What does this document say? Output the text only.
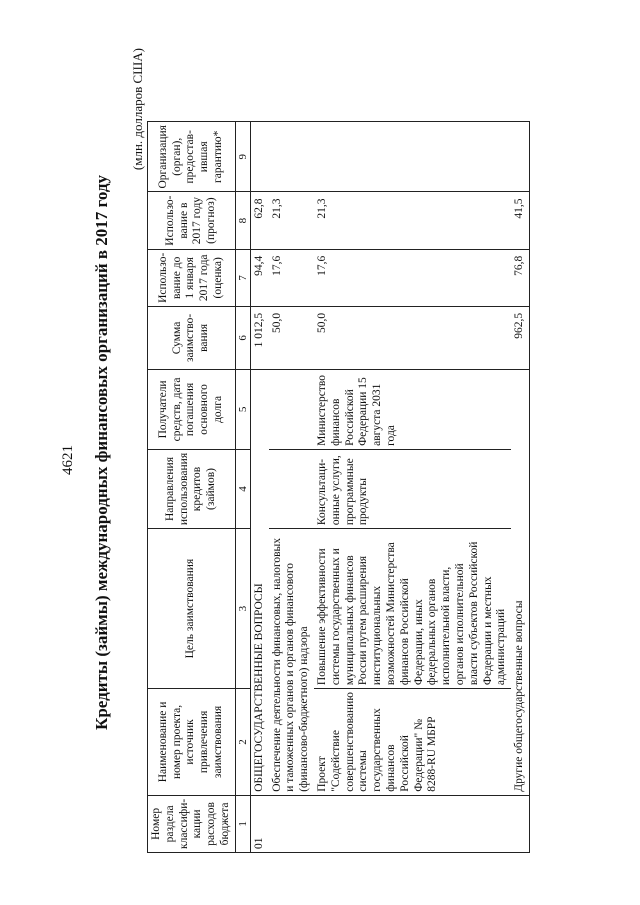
4621 Кредиты (займы) международных финансовых организаций в 2017 году
(млн. долларов США)
Номер раздела классифи-кации расходов бюджета	Наименование и номер проекта, источник привлечения заимствования	Цель заимствования	Направления использования кредитов (займов)	Получатели средств, дата погашения основного долга	Сумма заимство-вания	Использо-вание до 1 января 2017 года (оценка)	Использо-вание в 2017 году (прогноз)	Организация (орган), предостав-ившая гарантию*
1	2	3	4	5	6	7	8	9
01	ОБЩЕГОСУДАРСТВЕННЫЕ ВОПРОСЫ				1 012,5	94,4	62,8	
	Обеспечение деятельности финансовых, налоговых и таможенных органов и органов финансового (финансово-бюджетного) надзора				50,0	17,6	21,3	
	Проект "Содействие совершенствованию системы государственных финансов Российской Федерации" № 8288-RU МБРР	Повышение эффективности системы государственных и муниципальных финансов России путем расширения институциональных возможностей Министерства финансов Российской Федерации, иных федеральных органов исполнительной власти, органов исполнительной власти субъектов Российской Федерации и местных администраций	Консультаци-онные услуги, программные продукты	Министерство финансов Российской Федерации 15 августа 2031 года	50,0	17,6	21,3	
	Другие общегосударственные вопросы				962,5	76,8	41,5	
